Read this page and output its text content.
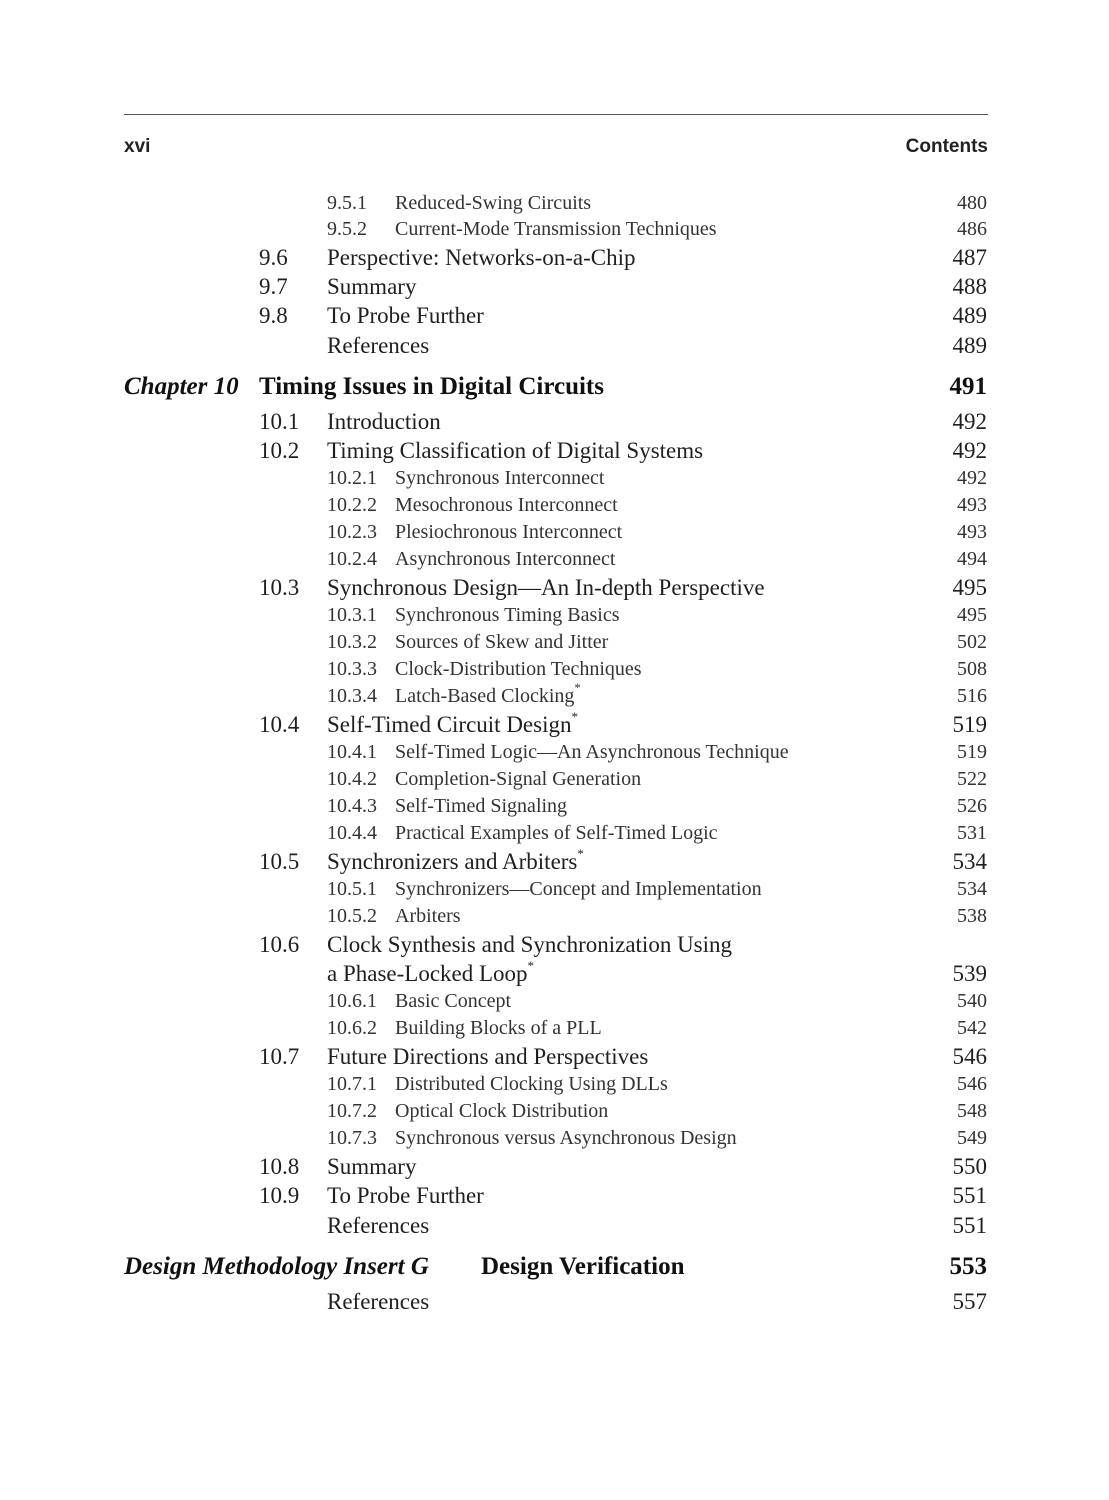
xvi	Contents
9.5.1 Reduced-Swing Circuits	480
9.5.2 Current-Mode Transmission Techniques	486
9.6 Perspective: Networks-on-a-Chip	487
9.7 Summary	488
9.8 To Probe Further	489
References	489
Chapter 10 Timing Issues in Digital Circuits	491
10.1 Introduction	492
10.2 Timing Classification of Digital Systems	492
10.2.1 Synchronous Interconnect	492
10.2.2 Mesochronous Interconnect	493
10.2.3 Plesiochronous Interconnect	493
10.2.4 Asynchronous Interconnect	494
10.3 Synchronous Design—An In-depth Perspective	495
10.3.1 Synchronous Timing Basics	495
10.3.2 Sources of Skew and Jitter	502
10.3.3 Clock-Distribution Techniques	508
10.3.4 Latch-Based Clocking*	516
10.4 Self-Timed Circuit Design*	519
10.4.1 Self-Timed Logic—An Asynchronous Technique	519
10.4.2 Completion-Signal Generation	522
10.4.3 Self-Timed Signaling	526
10.4.4 Practical Examples of Self-Timed Logic	531
10.5 Synchronizers and Arbiters*	534
10.5.1 Synchronizers—Concept and Implementation	534
10.5.2 Arbiters	538
10.6 Clock Synthesis and Synchronization Using
a Phase-Locked Loop*	539
10.6.1 Basic Concept	540
10.6.2 Building Blocks of a PLL	542
10.7 Future Directions and Perspectives	546
10.7.1 Distributed Clocking Using DLLs	546
10.7.2 Optical Clock Distribution	548
10.7.3 Synchronous versus Asynchronous Design	549
10.8 Summary	550
10.9 To Probe Further	551
References	551
Design Methodology Insert G Design Verification	553
References	557
